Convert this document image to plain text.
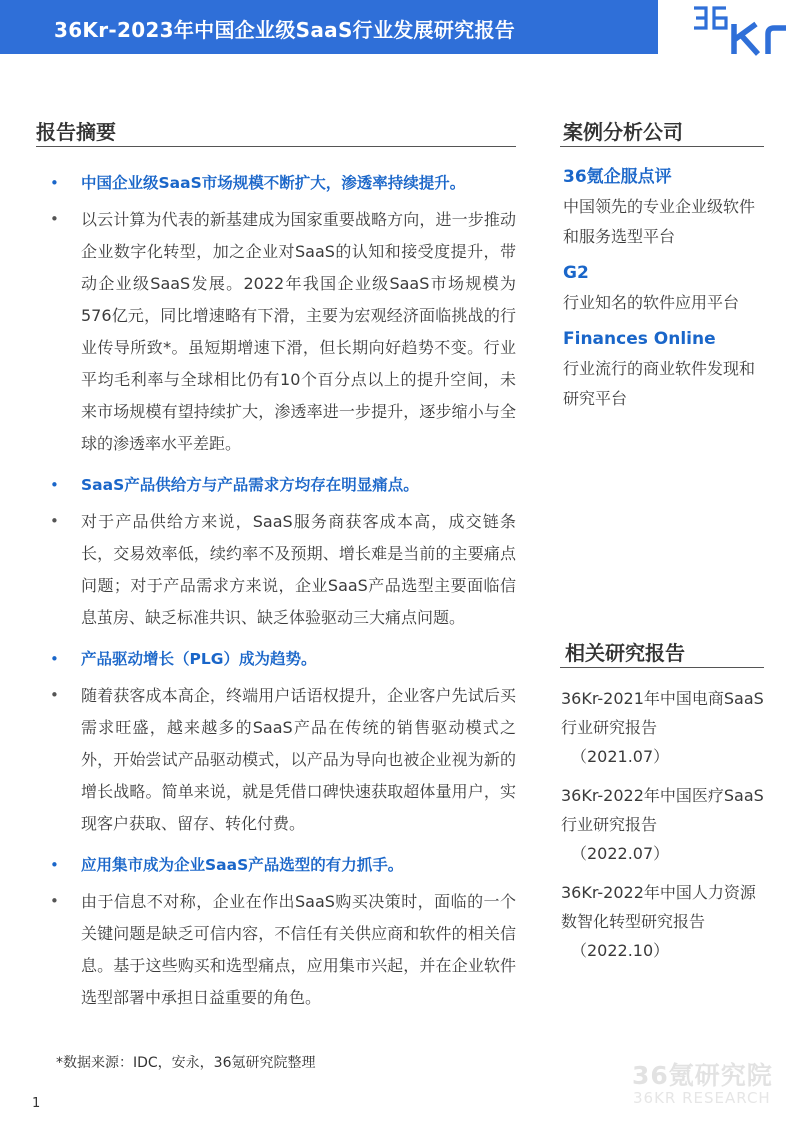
36Kr-2023年中国企业级SaaS行业发展研究报告
报告摘要	案例分析公司
相关研究报告
• 中国企业级SaaS市场规模不断扩大，渗透率持续提升。
• 以云计算为代表的新基建成为国家重要战略方向，进一步推动企业数字化转型，加之企业对SaaS的认知和接受度提升，带动企业级SaaS发展。2022年我国企业级SaaS市场规模为576亿元，同比增速略有下滑，主要为宏观经济面临挑战的行业传导所致*。虽短期增速下滑，但长期向好趋势不变。行业平均毛利率与全球相比仍有10个百分点以上的提升空间，未来市场规模有望持续扩大，渗透率进一步提升，逐步缩小与全球的渗透率水平差距。
• SaaS产品供给方与产品需求方均存在明显痛点。
• 对于产品供给方来说，SaaS服务商获客成本高，成交链条长，交易效率低，续约率不及预期、增长难是当前的主要痛点问题；对于产品需求方来说，企业SaaS产品选型主要面临信息茧房、缺乏标准共识、缺乏体验驱动三大痛点问题。
• 产品驱动增长（PLG）成为趋势。
• 随着获客成本高企，终端用户话语权提升，企业客户先试后买需求旺盛，越来越多的SaaS产品在传统的销售驱动模式之外，开始尝试产品驱动模式，以产品为导向也被企业视为新的增长战略。简单来说，就是凭借口碑快速获取超体量用户，实现客户获取、留存、转化付费。
• 应用集市成为企业SaaS产品选型的有力抓手。
• 由于信息不对称，企业在作出SaaS购买决策时，面临的一个关键问题是缺乏可信内容，不信任有关供应商和软件的相关信息。基于这些购买和选型痛点，应用集市兴起，并在企业软件选型部署中承担日益重要的角色。
36氪企服点评
中国领先的专业企业级软件和服务选型平台
G2
行业知名的软件应用平台
Finances Online
行业流行的商业软件发现和研究平台
36Kr-2021年中国电商SaaS行业研究报告
（2021.07）
36Kr-2022年中国医疗SaaS行业研究报告
（2022.07）
36Kr-2022年中国人力资源数智化转型研究报告
（2022.10）
*数据来源：IDC，安永，36氪研究院整理	36氪研究院
36KR RESEARCH
1
